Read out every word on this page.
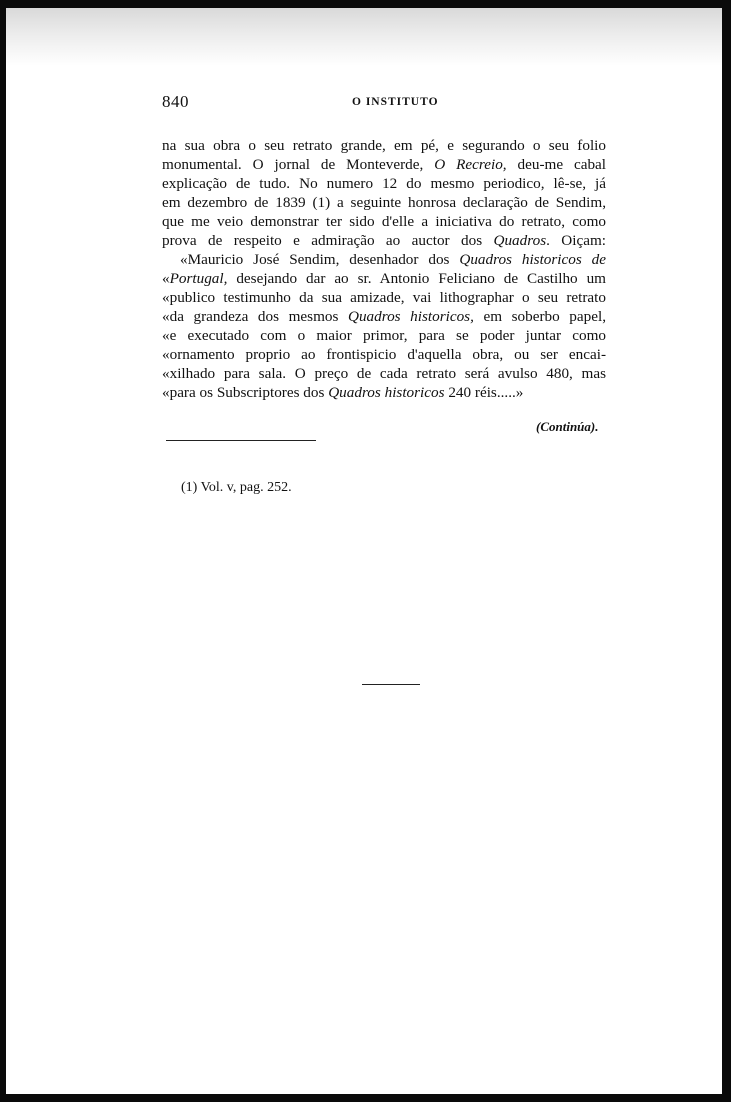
840	O INSTITUTO
na sua obra o seu retrato grande, em pé, e segurando o seu folio
monumental. O jornal de Monteverde, O Recreio, deu-me cabal
explicação de tudo. No numero 12 do mesmo periodico, lê-se, já
em dezembro de 1839 (1) a seguinte honrosa declaração de Sendim,
que me veio demonstrar ter sido d'elle a iniciativa do retrato, como
prova de respeito e admiração ao auctor dos Quadros. Oiçam:
«Mauricio José Sendim, desenhador dos Quadros historicos de
«Portugal, desejando dar ao sr. Antonio Feliciano de Castilho um
«publico testimunho da sua amizade, vai lithographar o seu retrato
«da grandeza dos mesmos Quadros historicos, em soberbo papel,
«e executado com o maior primor, para se poder juntar como
«ornamento proprio ao frontispicio d'aquella obra, ou ser encai-
«xilhado para sala. O preço de cada retrato será avulso 480, mas
«para os Subscriptores dos Quadros historicos 240 réis.....»
(Continúa).
(1) Vol. v, pag. 252.
